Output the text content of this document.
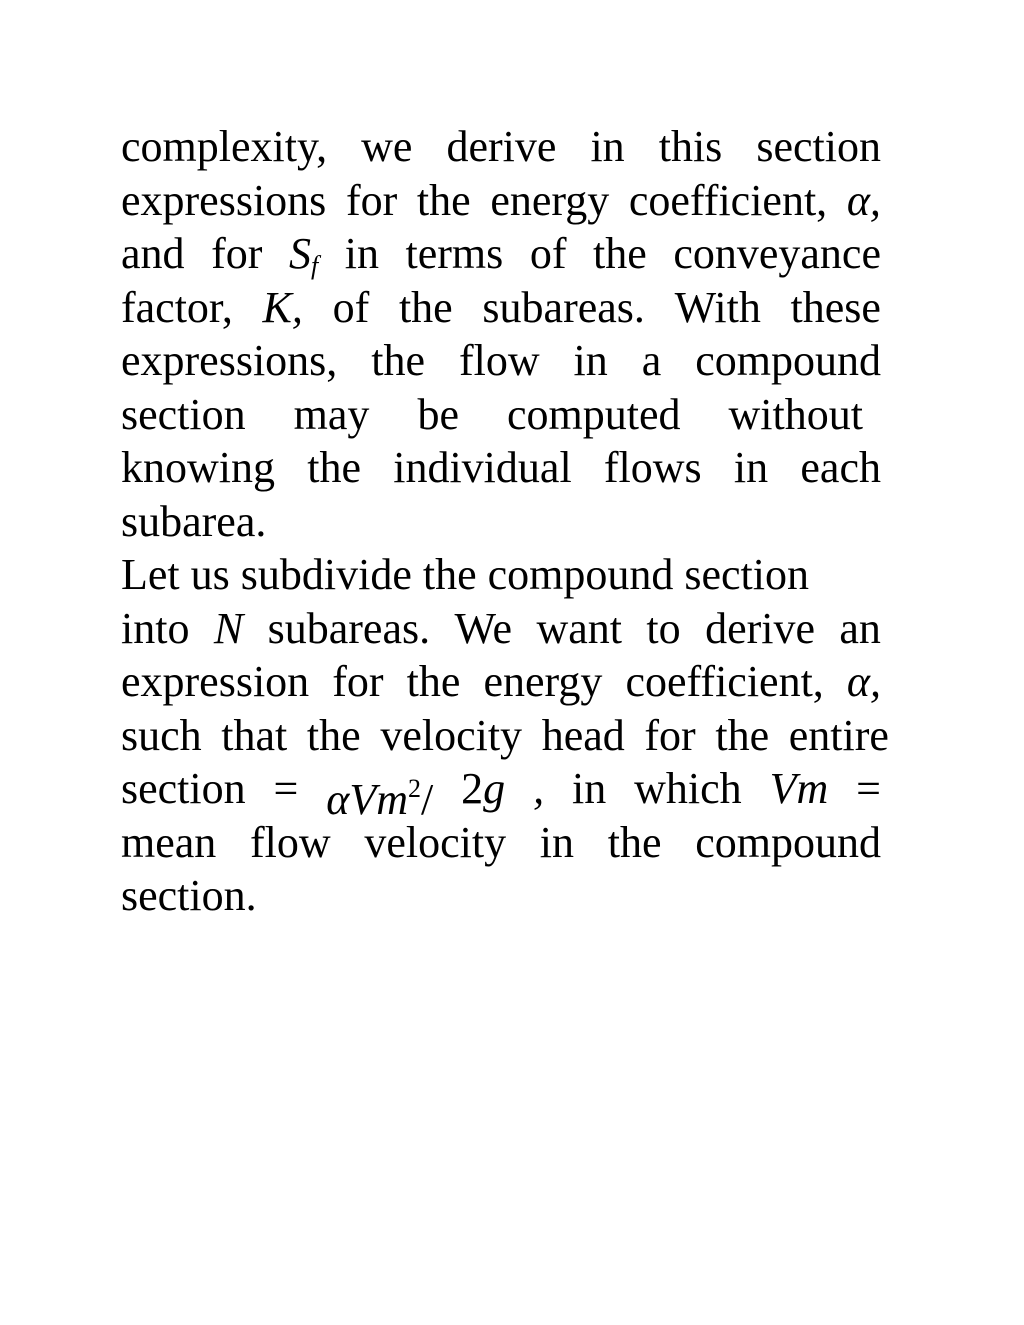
complexity, we derive in this section
expressions for the energy coefficient, α,
and for $S_f$ in terms of the conveyance
factor, K, of the subareas. With these
expressions, the flow in a compound
section may be computed without
knowing the individual flows in each
subarea.
Let us subdivide the compound section
into N subareas. We want to derive an
expression for the energy coefficient, α,
such that the velocity head for the entire
section = αVm$^2$/ 2g , in which Vm =
mean flow velocity in the compound
section.
